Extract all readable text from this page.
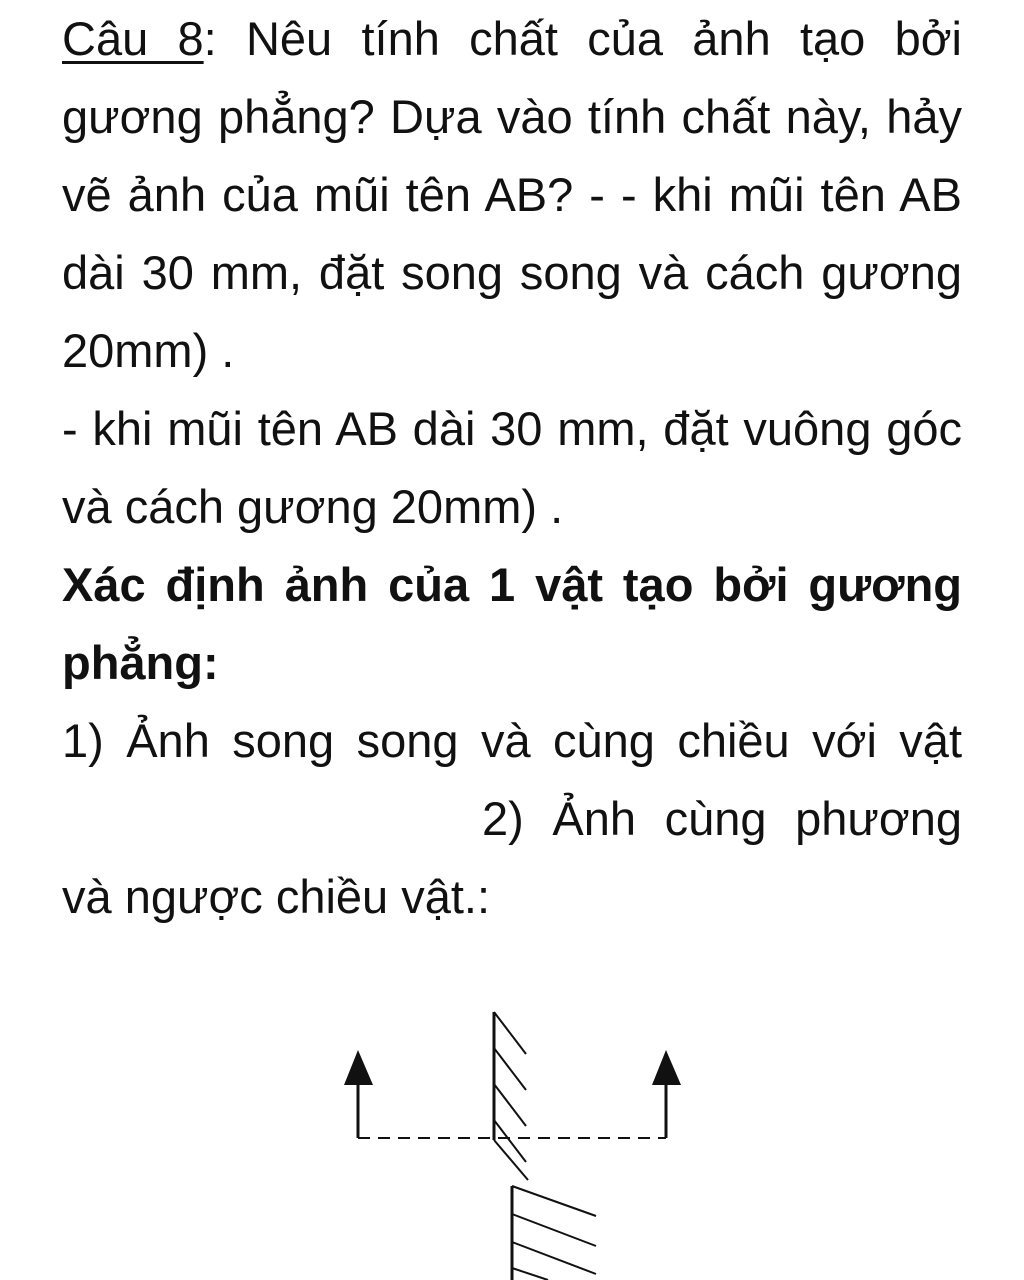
Câu 8: Nêu tính chất của ảnh tạo bởi gương phẳng? Dựa vào tính chất này, hảy vẽ ảnh của mũi tên AB? - - khi mũi tên AB dài 30 mm, đặt song song và cách gương 20mm) .

- khi mũi tên AB dài 30 mm, đặt vuông góc và cách gương 20mm) .

Xác định ảnh của 1 vật tạo bởi gương phẳng:

1) Ảnh song song và cùng chiều với vật2) Ảnh cùng phương và ngược chiều vật.:
